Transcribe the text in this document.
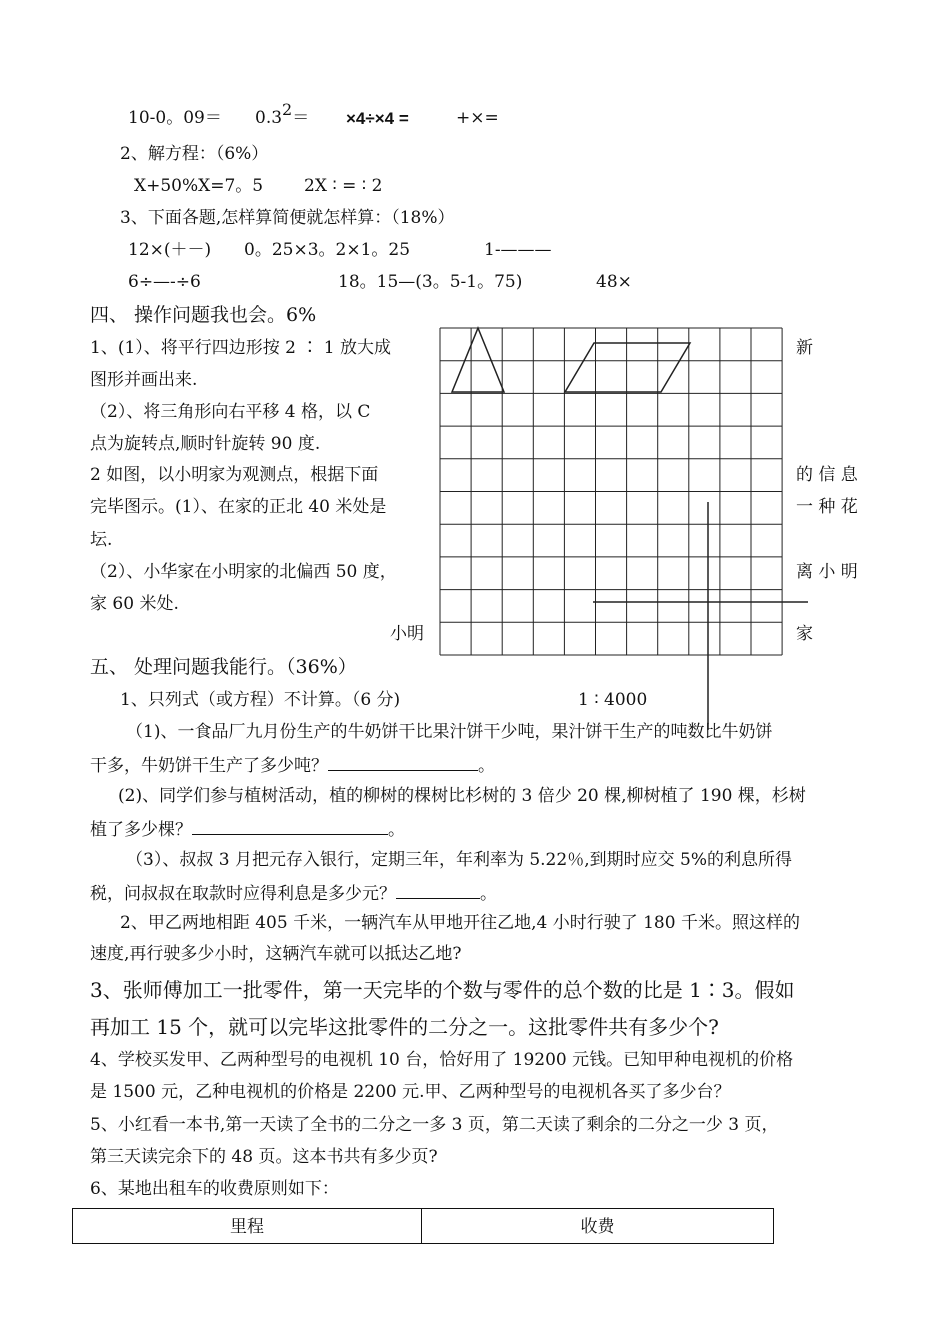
10-0。09＝ 0.32＝ ×4÷×4 =	+×=
2、解方程：（6%）
X+50%X=7。5 2X ∶ = ∶ 2
3、下面各题,怎样算简便就怎样算：（18%）
12×(＋－) 0。25×3。2×1。25	1-———
6÷—-÷6	18。15—(3。5-1。75)	48×
四、 操作问题我也会。6%
1、(1）、将平行四边形按 2 ∶ 1 放大成
图形并画出来.
（2）、将三角形向右平移 4 格，以 C
点为旋转点,顺时针旋转 90 度.
2 如图，以小明家为观测点，根据下面
完毕图示。(1）、在家的正北 40 米处是
坛.
（2）、小华家在小明家的北偏西 50 度，
家 60 米处.
小明
新
的 信 息
一 种 花
离 小 明
家
五、 处理问题我能行。（36%）
1、只列式（或方程）不计算。（6 分)	1 ∶ 4000
（1)、一食品厂九月份生产的牛奶饼干比果汁饼干少吨，果汁饼干生产的吨数比牛奶饼
干多，牛奶饼干生产了多少吨？	。
(2)、同学们参与植树活动，植的柳树的棵树比杉树的 3 倍少 20 棵,柳树植了 190 棵，杉树
植了多少棵？	。
（3）、叔叔 3 月把元存入银行，定期三年，年利率为 5.22％,到期时应交 5%的利息所得
税，问叔叔在取款时应得利息是多少元？	。
2、甲乙两地相距 405 千米，一辆汽车从甲地开往乙地,4 小时行驶了 180 千米。照这样的
速度,再行驶多少小时，这辆汽车就可以抵达乙地?
3、张师傅加工一批零件，第一天完毕的个数与零件的总个数的比是 1∶3。假如
再加工 15 个，就可以完毕这批零件的二分之一。这批零件共有多少个?
4、学校买发甲、乙两种型号的电视机 10 台，恰好用了 19200 元钱。已知甲种电视机的价格
是 1500 元，乙种电视机的价格是 2200 元.甲、乙两种型号的电视机各买了多少台？
5、小红看一本书,第一天读了全书的二分之一多 3 页，第二天读了剩余的二分之一少 3 页，
第三天读完余下的 48 页。这本书共有多少页?
6、某地出租车的收费原则如下：
里程	收费
